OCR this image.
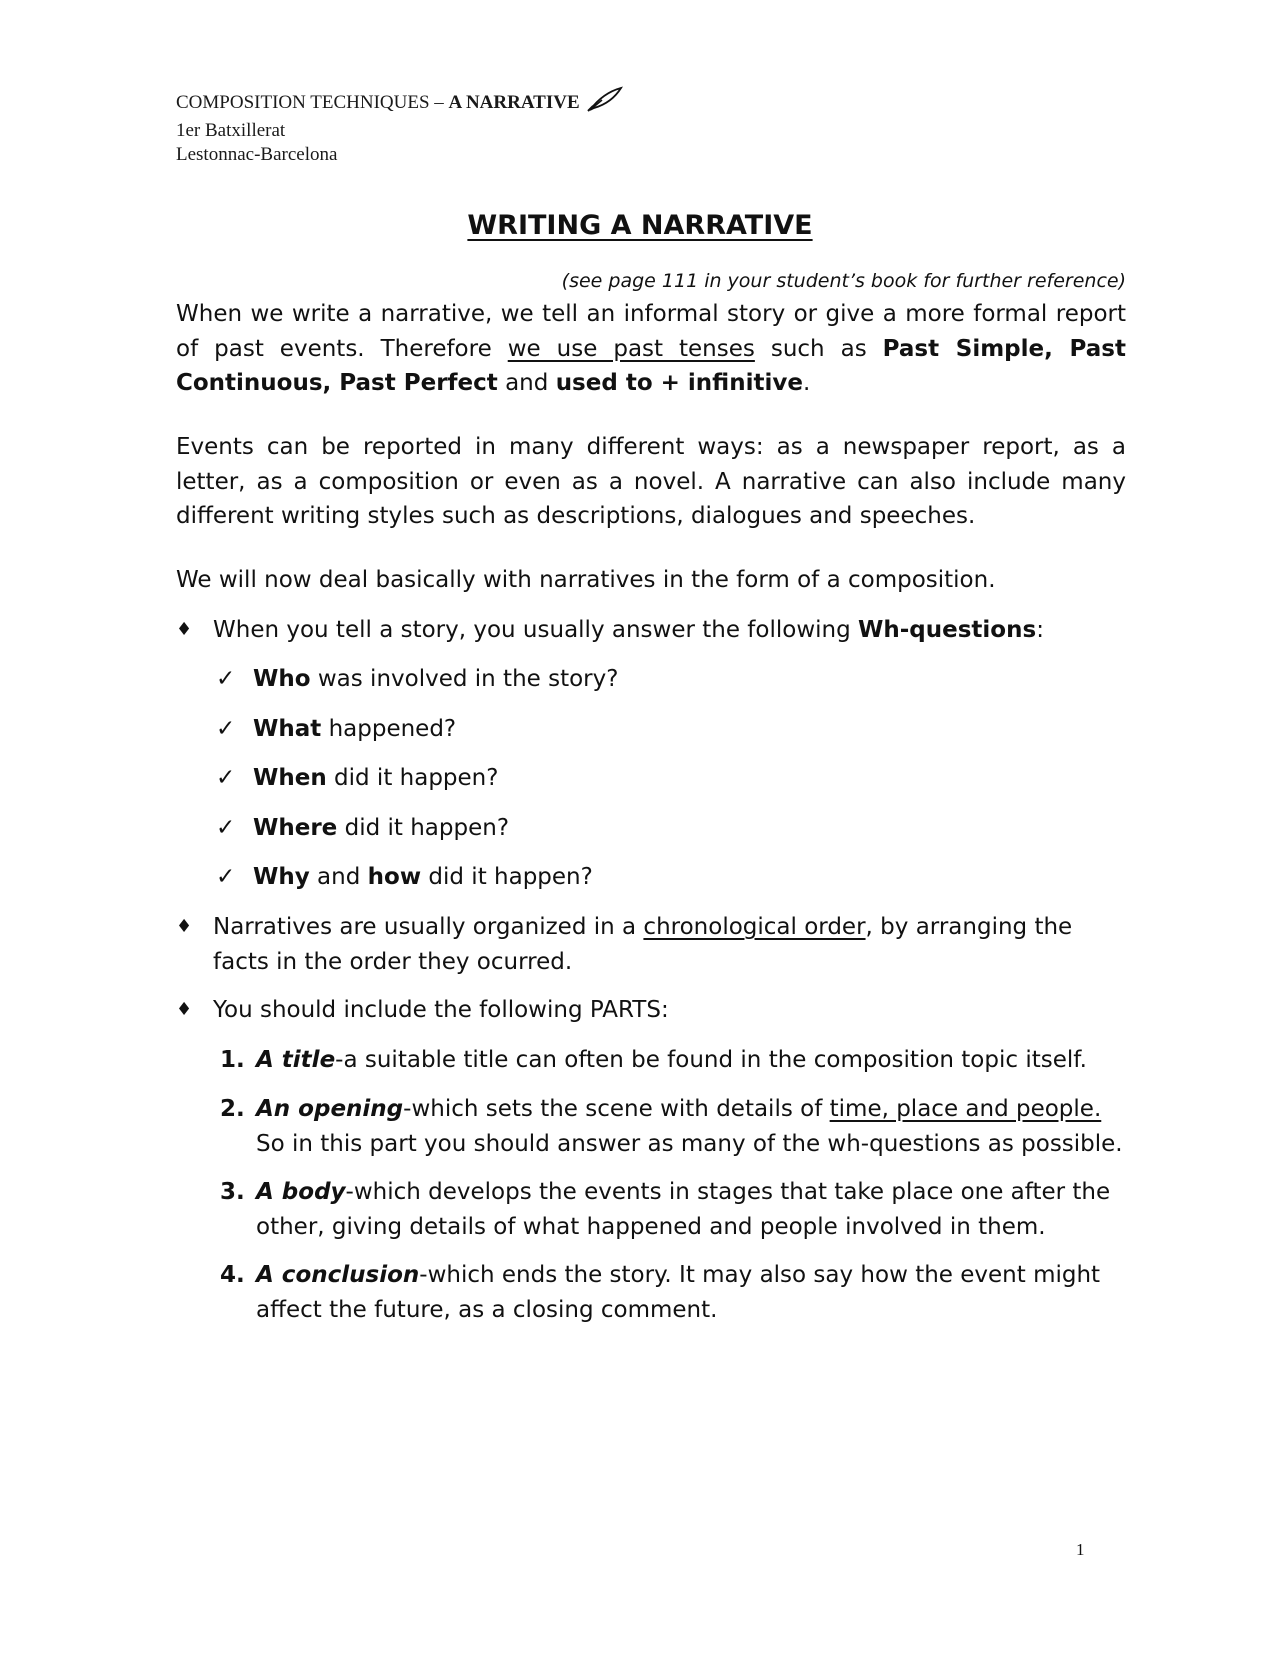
COMPOSITION TECHNIQUES – A NARRATIVE
1er Batxillerat
Lestonnac-Barcelona
WRITING A NARRATIVE
(see page 111 in your student’s book for further reference)
When we write a narrative, we tell an informal story or give a more formal report of past events. Therefore we use past tenses such as Past Simple, Past Continuous, Past Perfect and used to + infinitive.
Events can be reported in many different ways: as a newspaper report, as a letter, as a composition or even as a novel. A narrative can also include many different writing styles such as descriptions, dialogues and speeches.
We will now deal basically with narratives in the form of a composition.
♦ When you tell a story, you usually answer the following Wh-questions:
✓ Who was involved in the story?
✓ What happened?
✓ When did it happen?
✓ Where did it happen?
✓ Why and how did it happen?
♦ Narratives are usually organized in a chronological order, by arranging the facts in the order they ocurred.
♦ You should include the following PARTS:
1. A title-a suitable title can often be found in the composition topic itself.
2. An opening-which sets the scene with details of time, place and people. So in this part you should answer as many of the wh-questions as possible.
3. A body-which develops the events in stages that take place one after the other, giving details of what happened and people involved in them.
4. A conclusion-which ends the story. It may also say how the event might affect the future, as a closing comment.
1
